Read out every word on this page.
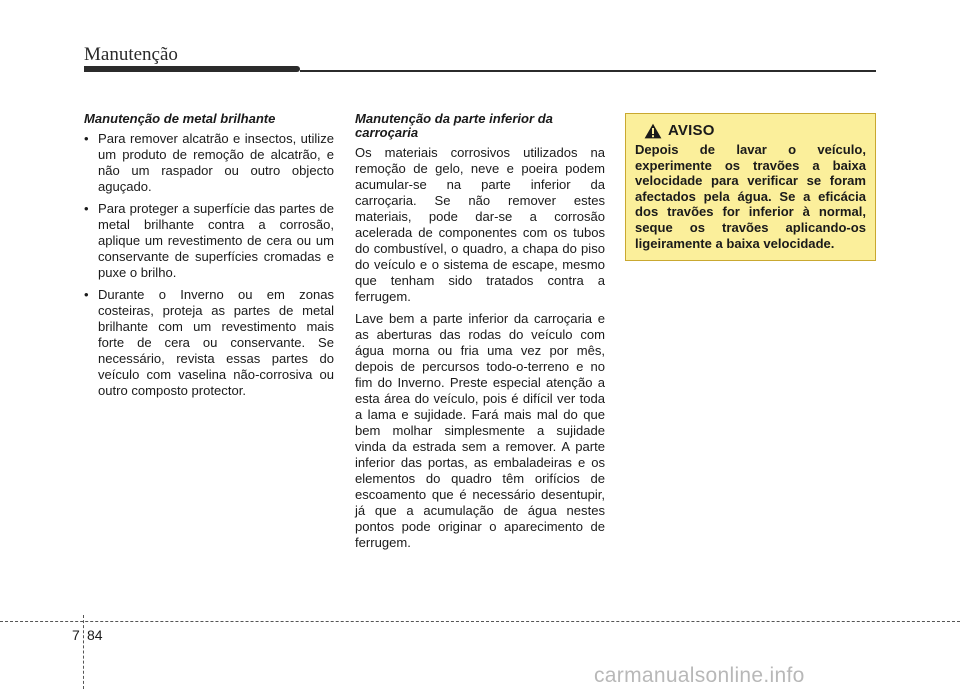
Manutenção
Manutenção de metal brilhante
• Para remover alcatrão e insectos, utilize um produto de remoção de alcatrão, e não um raspador ou outro objecto aguçado.
• Para proteger a superfície das partes de metal brilhante contra a corrosão, aplique um revestimento de cera ou um conservante de superfícies cromadas e puxe o brilho.
• Durante o Inverno ou em zonas costeiras, proteja as partes de metal brilhante com um revestimento mais forte de cera ou conservante. Se necessário, revista essas partes do veículo com vaselina não-corrosiva ou outro composto protector.
Manutenção da parte inferior da carroçaria

Os materiais corrosivos utilizados na remoção de gelo, neve e poeira podem acumular-se na parte inferior da carroçaria. Se não remover estes materiais, pode dar-se a corrosão acelerada de componentes com os tubos do combustível, o quadro, a chapa do piso do veículo e o sistema de escape, mesmo que tenham sido tratados contra a ferrugem.

Lave bem a parte inferior da carroçaria e as aberturas das rodas do veículo com água morna ou fria uma vez por mês, depois de percursos todo-o-terreno e no fim do Inverno. Preste especial atenção a esta área do veículo, pois é difícil ver toda a lama e sujidade. Fará mais mal do que bem molhar simplesmente a sujidade vinda da estrada sem a remover. A parte inferior das portas, as embaladeiras e os elementos do quadro têm orifícios de escoamento que é necessário desentupir, já que a acumulação de água nestes pontos pode originar o aparecimento de ferrugem.

AVISO

Depois de lavar o veículo, experimente os travões a baixa velocidade para verificar se foram afectados pela água. Se a eficácia dos travões for inferior à normal, seque os travões aplicando-os ligeiramente a baixa velocidade.

7 84
carmanualsonline.info
